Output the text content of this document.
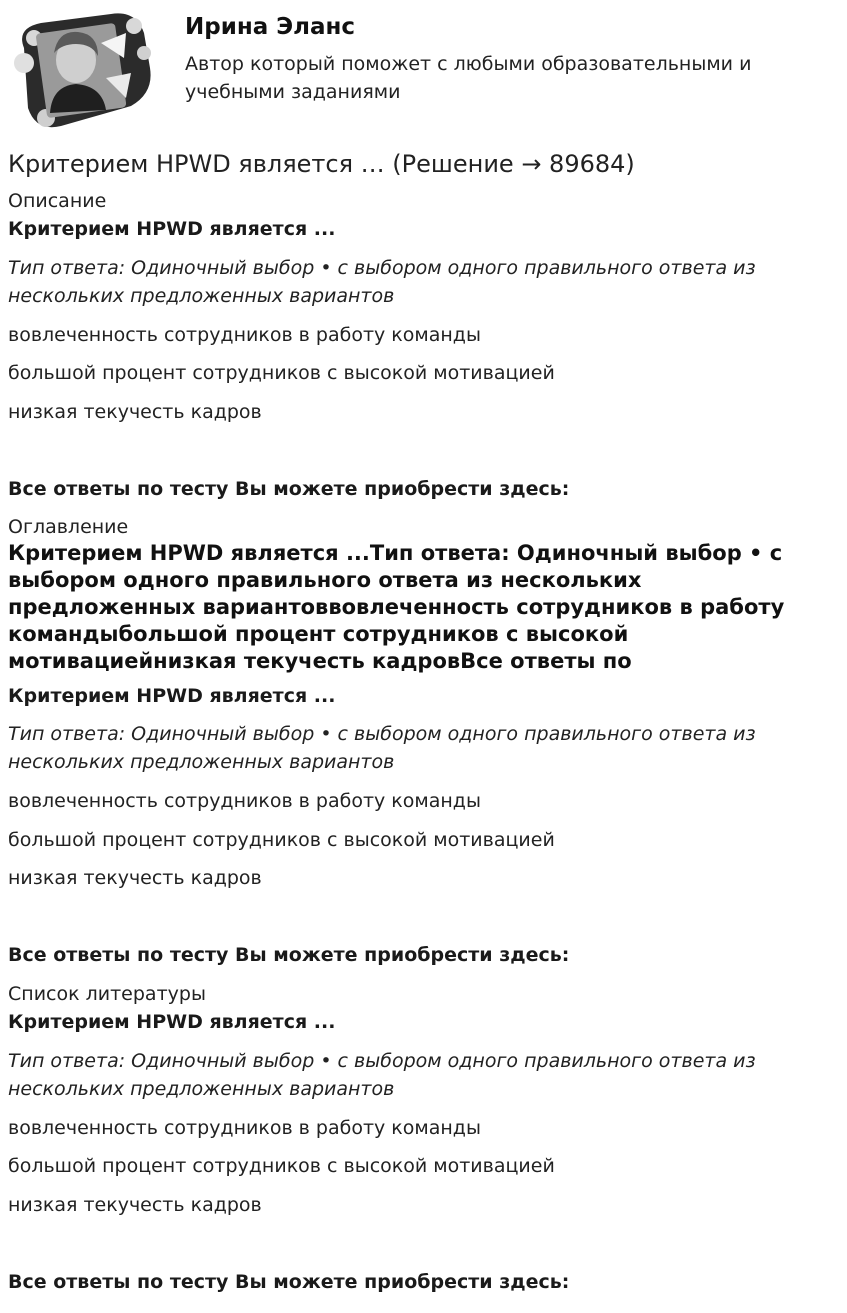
Ирина Эланс
Автор который поможет с любыми образовательными и учебными заданиями
Критерием HPWD является … (Решение → 89684)
Описание
Критерием HPWD является ...
Тип ответа: Одиночный выбор • с выбором одного правильного ответа из нескольких предложенных вариантов
вовлеченность сотрудников в работу команды
большой процент сотрудников с высокой мотивацией
низкая текучесть кадров
Все ответы по тесту Вы можете приобрести здесь:
Оглавление
Критерием HPWD является ...Тип ответа: Одиночный выбор • с выбором одного правильного ответа из нескольких предложенных вариантоввовлеченность сотрудников в работу командыбольшой процент сотрудников с высокой мотивациейнизкая текучесть кадровВсе ответы по
Критерием HPWD является ...
Тип ответа: Одиночный выбор • с выбором одного правильного ответа из нескольких предложенных вариантов
вовлеченность сотрудников в работу команды
большой процент сотрудников с высокой мотивацией
низкая текучесть кадров
Все ответы по тесту Вы можете приобрести здесь:
Список литературы
Критерием HPWD является ...
Тип ответа: Одиночный выбор • с выбором одного правильного ответа из нескольких предложенных вариантов
вовлеченность сотрудников в работу команды
большой процент сотрудников с высокой мотивацией
низкая текучесть кадров
Все ответы по тесту Вы можете приобрести здесь:
